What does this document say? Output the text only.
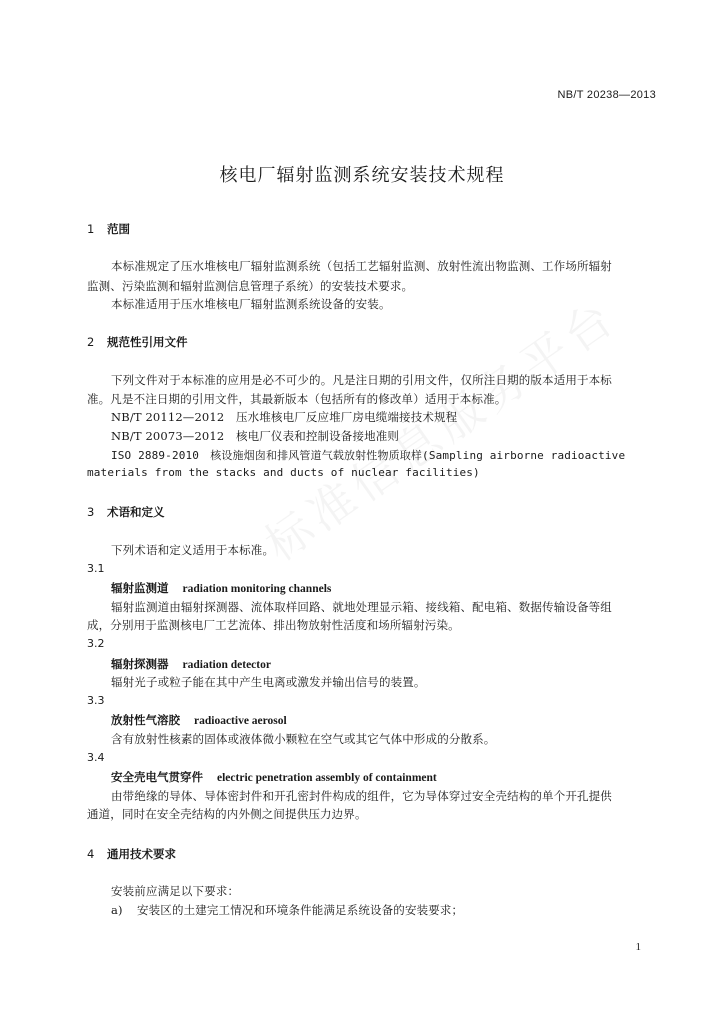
NB/T 20238—2013
核电厂辐射监测系统安装技术规程
1 范围
本标准规定了压水堆核电厂辐射监测系统（包括工艺辐射监测、放射性流出物监测、工作场所辐射
监测、污染监测和辐射监测信息管理子系统）的安装技术要求。
本标准适用于压水堆核电厂辐射监测系统设备的安装。
2 规范性引用文件
下列文件对于本标准的应用是必不可少的。凡是注日期的引用文件，仅所注日期的版本适用于本标
准。凡是不注日期的引用文件，其最新版本（包括所有的修改单）适用于本标准。
NB/T 20112—2012　压水堆核电厂反应堆厂房电缆端接技术规程
NB/T 20073—2012　核电厂仪表和控制设备接地准则
ISO 2889-2010　核设施烟囱和排风管道气载放射性物质取样(Sampling airborne radioactive
materials from the stacks and ducts of nuclear facilities)
3 术语和定义
下列术语和定义适用于本标准。
3.1
辐射监测道 radiation monitoring channels
辐射监测道由辐射探测器、流体取样回路、就地处理显示箱、接线箱、配电箱、数据传输设备等组
成，分别用于监测核电厂工艺流体、排出物放射性活度和场所辐射污染。
3.2
辐射探测器 radiation detector
辐射光子或粒子能在其中产生电离或激发并输出信号的装置。
3.3
放射性气溶胶 radioactive aerosol
含有放射性核素的固体或液体微小颗粒在空气或其它气体中形成的分散系。
3.4
安全壳电气贯穿件 electric penetration assembly of containment
由带绝缘的导体、导体密封件和开孔密封件构成的组件，它为导体穿过安全壳结构的单个开孔提供
通道，同时在安全壳结构的内外侧之间提供压力边界。
4 通用技术要求
安装前应满足以下要求：
a) 安装区的土建完工情况和环境条件能满足系统设备的安装要求；
1
